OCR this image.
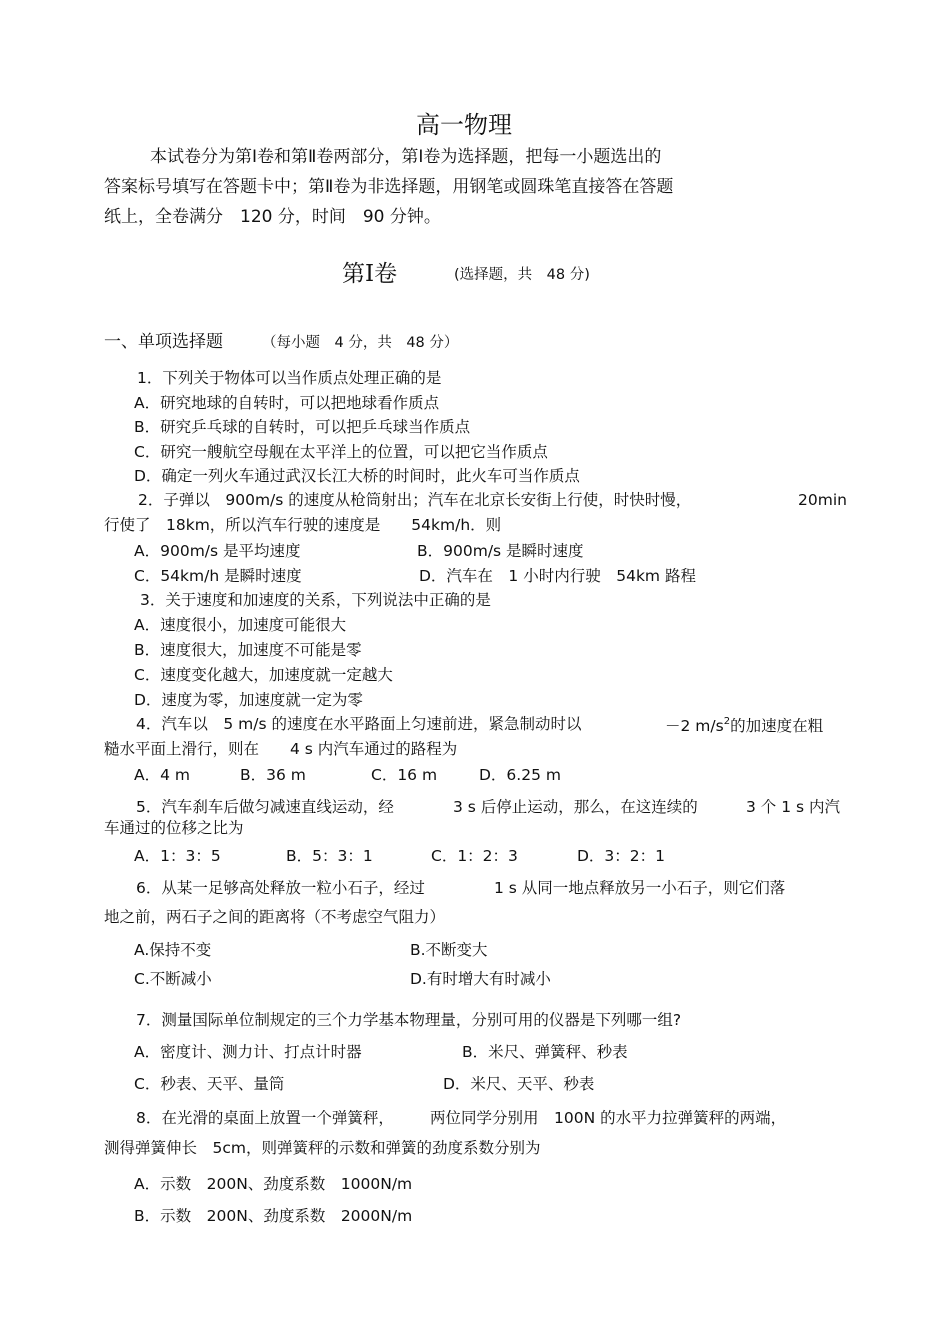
高一物理
本试卷分为第Ⅰ卷和第Ⅱ卷两部分，第Ⅰ卷为选择题，把每一小题选出的
答案标号填写在答题卡中；第Ⅱ卷为非选择题，用钢笔或圆珠笔直接答在答题
纸上，全卷满分　120 分，时间　90 分钟。
第Ⅰ卷	(选择题，共　48 分)
一、单项选择题	（每小题　4 分，共　48 分）
1．下列关于物体可以当作质点处理正确的是
A．研究地球的自转时，可以把地球看作质点
B．研究乒乓球的自转时，可以把乒乓球当作质点
C．研究一艘航空母舰在太平洋上的位置，可以把它当作质点
D．确定一列火车通过武汉长江大桥的时间时，此火车可当作质点
2．子弹以　900m/s 的速度从枪筒射出；汽车在北京长安街上行使，时快时慢，	20min
行使了　18km，所以汽车行驶的速度是　　54km/h．则
A．900m/s 是平均速度	B．900m/s 是瞬时速度
C．54km/h 是瞬时速度	D．汽车在　1 小时内行驶　54km 路程
3．关于速度和加速度的关系，下列说法中正确的是
A．速度很小，加速度可能很大
B．速度很大，加速度不可能是零
C．速度变化越大，加速度就一定越大
D．速度为零，加速度就一定为零
4．汽车以　5 m/s 的速度在水平路面上匀速前进，紧急制动时以	－2 $m/s^2$的加速度在粗
糙水平面上滑行，则在　　4 s 内汽车通过的路程为
A．4 m	B．36 m	C．16 m	D．6.25 m
5．汽车刹车后做匀减速直线运动，经	3 s 后停止运动，那么，在这连续的	3 个 1 s 内汽
车通过的位移之比为
A．1：3：5	B．5：3：1	C．1：2：3	D．3：2：1
6．从某一足够高处释放一粒小石子，经过	1 s 从同一地点释放另一小石子，则它们落
地之前，两石子之间的距离将（不考虑空气阻力）
A.保持不变	B.不断变大
C.不断减小	D.有时增大有时减小
7．测量国际单位制规定的三个力学基本物理量，分别可用的仪器是下列哪一组?
A．密度计、测力计、打点计时器	B．米尺、弹簧秤、秒表
C．秒表、天平、量筒	D．米尺、天平、秒表
8．在光滑的桌面上放置一个弹簧秤， 两位同学分别用　100N 的水平力拉弹簧秤的两端，
测得弹簧伸长　5cm，则弹簧秤的示数和弹簧的劲度系数分别为
A．示数　200N、劲度系数　1000N/m
B．示数　200N、劲度系数　2000N/m
